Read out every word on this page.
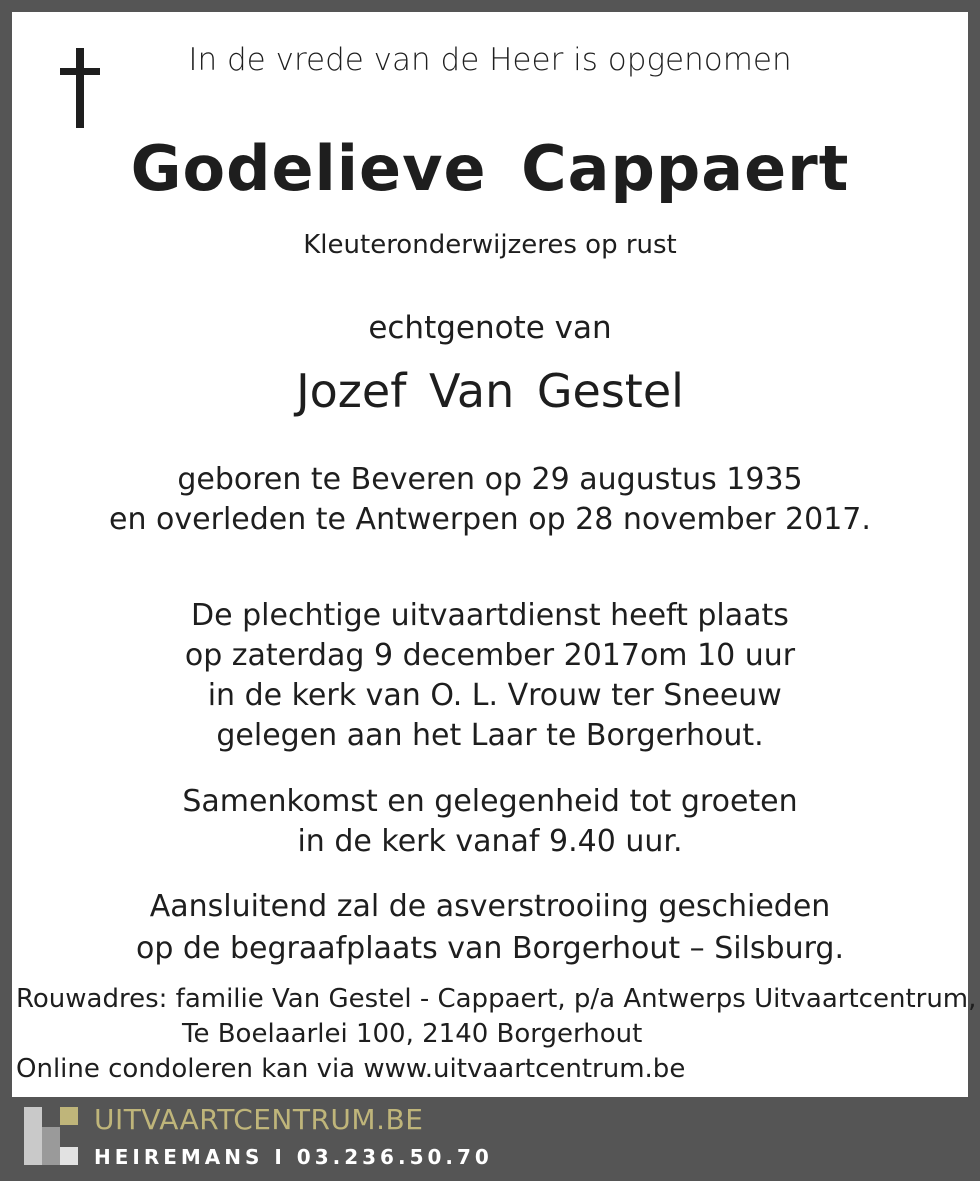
In de vrede van de Heer is opgenomen
Godelieve Cappaert
Kleuteronderwijzeres op rust
echtgenote van
Jozef Van Gestel
geboren te Beveren op 29 augustus 1935
en overleden te Antwerpen op 28 november 2017.
De plechtige uitvaartdienst heeft plaats
op zaterdag 9 december 2017om 10 uur
in de kerk van O. L. Vrouw ter Sneeuw
gelegen aan het Laar te Borgerhout.
Samenkomst en gelegenheid tot groeten
in de kerk vanaf 9.40 uur.
Aansluitend zal de asverstrooiing geschieden
op de begraafplaats van Borgerhout – Silsburg.
Rouwadres: familie Van Gestel - Cappaert, p/a Antwerps Uitvaartcentrum,
Te Boelaarlei 100, 2140 Borgerhout
Online condoleren kan via www.uitvaartcentrum.be
UITVAARTCENTRUM.BE
HEIREMANS I 03.236.50.70
